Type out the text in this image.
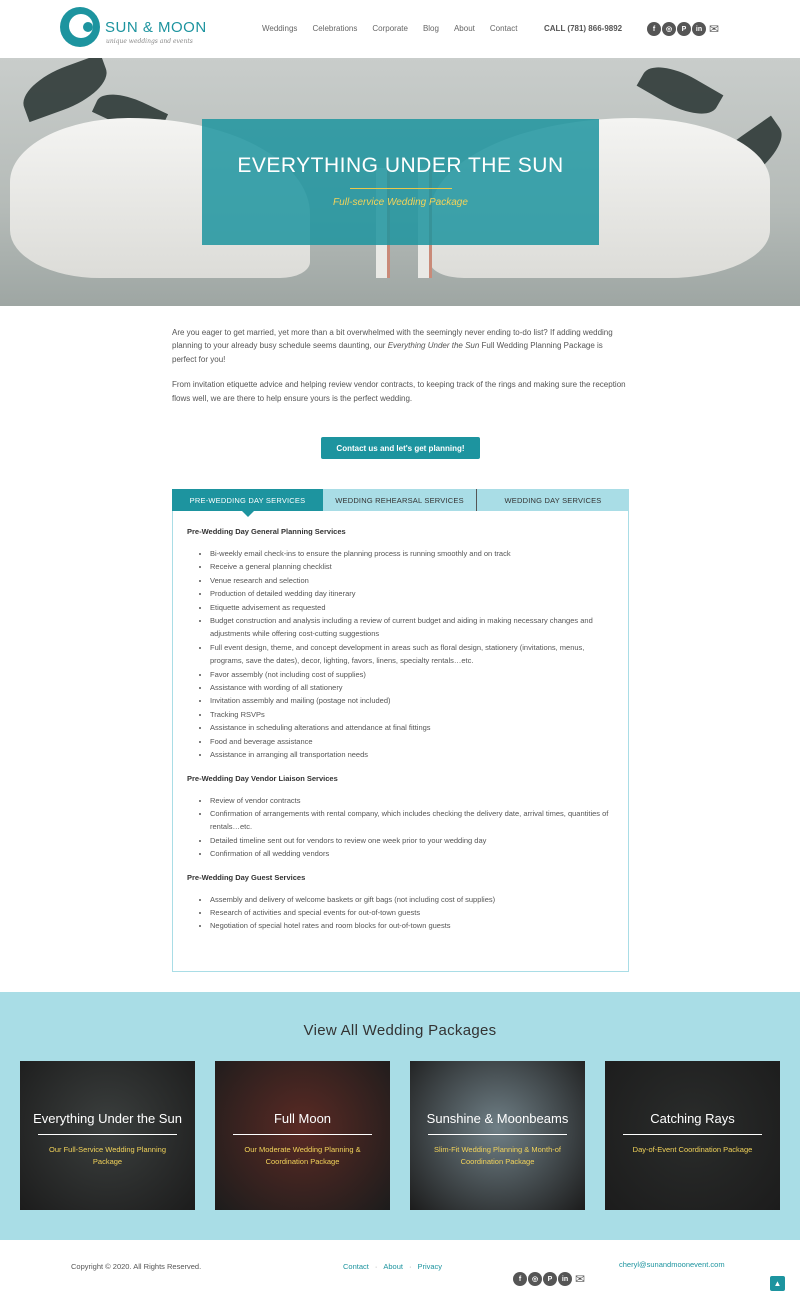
SUN & MOON
unique weddings and events
Weddings Celebrations Corporate Blog About Contact	CALL (781) 866-9892	f	◎	P	in ✉
EVERYTHING UNDER THE SUN
Full-service Wedding Package

Are you eager to get married, yet more than a bit overwhelmed with the seemingly never ending to-do list? If adding wedding planning to your already busy schedule seems daunting, our Everything Under the Sun Full Wedding Planning Package is perfect for you!

From invitation etiquette advice and helping review vendor contracts, to keeping track of the rings and making sure the reception flows well, we are there to help ensure yours is the perfect wedding.

Contact us and let's get planning!
PRE-WEDDING DAY SERVICES	WEDDING REHEARSAL SERVICES	WEDDING DAY SERVICES
Pre-Wedding Day General Planning Services
• Bi-weekly email check-ins to ensure the planning process is running smoothly and on track
• Receive a general planning checklist
• Venue research and selection
• Production of detailed wedding day itinerary
• Etiquette advisement as requested
• Budget construction and analysis including a review of current budget and aiding in making necessary changes and adjustments while offering cost-cutting suggestions
• Full event design, theme, and concept development in areas such as floral design, stationery (invitations, menus, programs, save the dates), decor, lighting, favors, linens, specialty rentals…etc.
• Favor assembly (not including cost of supplies)
• Assistance with wording of all stationery
• Invitation assembly and mailing (postage not included)
• Tracking RSVPs
• Assistance in scheduling alterations and attendance at final fittings
• Food and beverage assistance
• Assistance in arranging all transportation needs
Pre-Wedding Day Vendor Liaison Services
• Review of vendor contracts
• Confirmation of arrangements with rental company, which includes checking the delivery date, arrival times, quantities of rentals…etc.
• Detailed timeline sent out for vendors to review one week prior to your wedding day
• Confirmation of all wedding vendors
Pre-Wedding Day Guest Services
• Assembly and delivery of welcome baskets or gift bags (not including cost of supplies)
• Research of activities and special events for out-of-town guests
• Negotiation of special hotel rates and room blocks for out-of-town guests
View All Wedding Packages
Everything Under the Sun
Our Full-Service Wedding Planning Package
Full Moon
Our Moderate Wedding Planning & Coordination Package
Sunshine & Moonbeams
Slim-Fit Wedding Planning & Month-of Coordination Package
Catching Rays
Day-of-Event Coordination Package
Copyright © 2020. All Rights Reserved.	Contact · About · Privacy	cheryl@sunandmoonevent.com
f	◎	P	in ✉	▲
